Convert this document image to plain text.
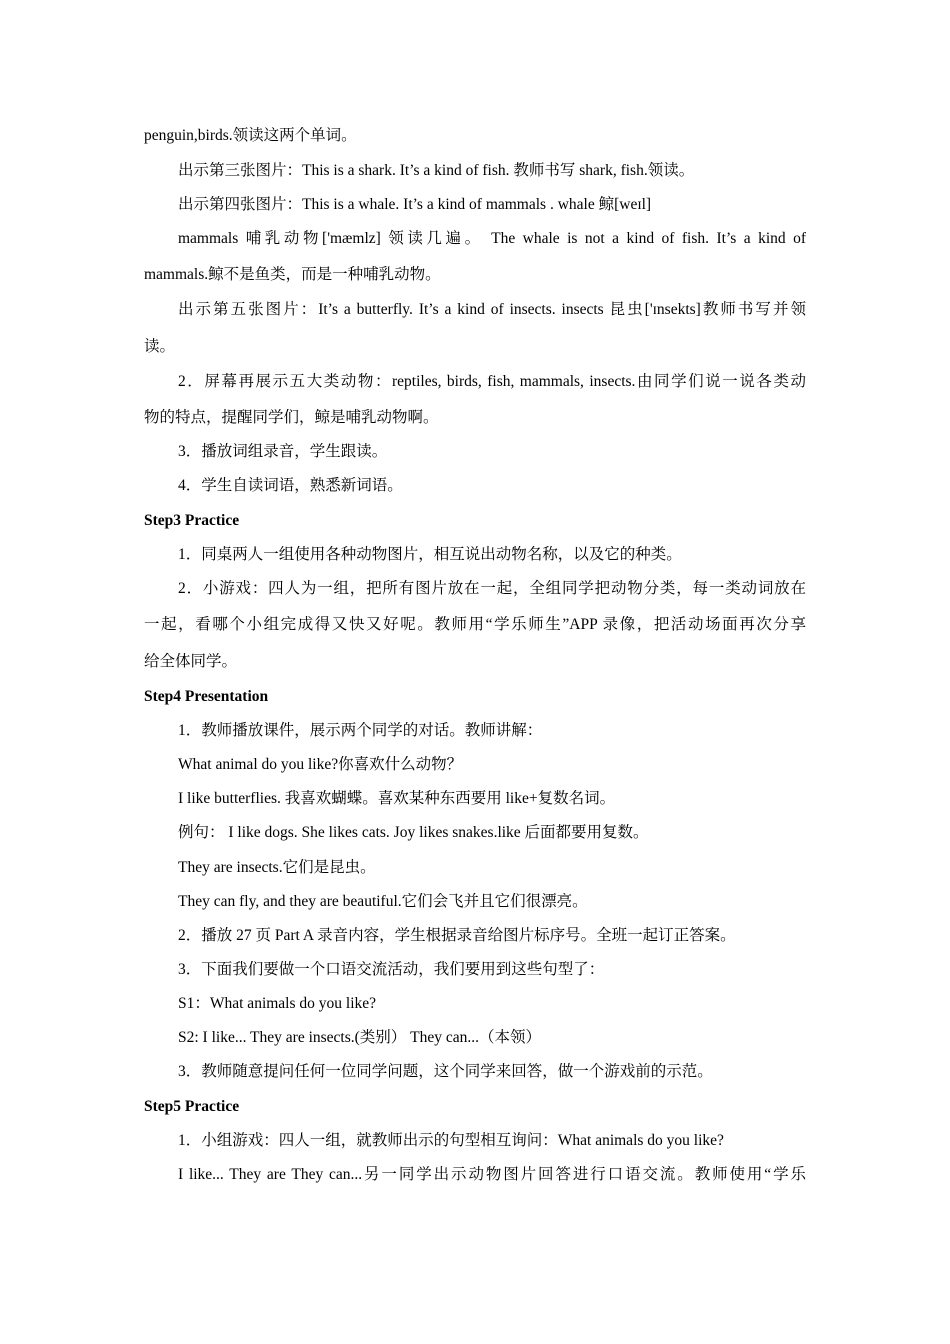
penguin,birds.领读这两个单词。
出示第三张图片：This is a shark. It’s a kind of fish. 教师书写 shark, fish.领读。
出示第四张图片：This is a whale. It’s a kind of mammals . whale 鲸[weɪl]
mammals 哺乳动物['mæmlz] 领读几遍。 The whale is not a kind of fish. It’s a kind of
mammals.鲸不是鱼类，而是一种哺乳动物。
出示第五张图片：It’s a butterfly. It’s a kind of insects. insects 昆虫['ɪnsekts]教师书写并领
读。
2．屏幕再展示五大类动物：reptiles, birds, fish, mammals, insects.由同学们说一说各类动
物的特点，提醒同学们，鲸是哺乳动物啊。
3．播放词组录音，学生跟读。
4．学生自读词语，熟悉新词语。
Step3 Practice
1．同桌两人一组使用各种动物图片，相互说出动物名称，以及它的种类。
2．小游戏：四人为一组，把所有图片放在一起，全组同学把动物分类，每一类动词放在
一起，看哪个小组完成得又快又好呢。教师用“学乐师生”APP 录像，把活动场面再次分享
给全体同学。
Step4 Presentation
1．教师播放课件，展示两个同学的对话。教师讲解：
What animal do you like?你喜欢什么动物？
I like butterflies. 我喜欢蝴蝶。喜欢某种东西要用 like+复数名词。
例句： I like dogs. She likes cats. Joy likes snakes.like 后面都要用复数。
They are insects.它们是昆虫。
They can fly, and they are beautiful.它们会飞并且它们很漂亮。
2．播放 27 页 Part A 录音内容，学生根据录音给图片标序号。全班一起订正答案。
3．下面我们要做一个口语交流活动，我们要用到这些句型了：
S1：What animals do you like?
S2: I like... They are insects.(类别） They can...（本领）
3．教师随意提问任何一位同学问题，这个同学来回答，做一个游戏前的示范。
Step5 Practice
1．小组游戏：四人一组，就教师出示的句型相互询问：What animals do you like?
I like... They are They can...另一同学出示动物图片回答进行口语交流。教师使用“学乐
